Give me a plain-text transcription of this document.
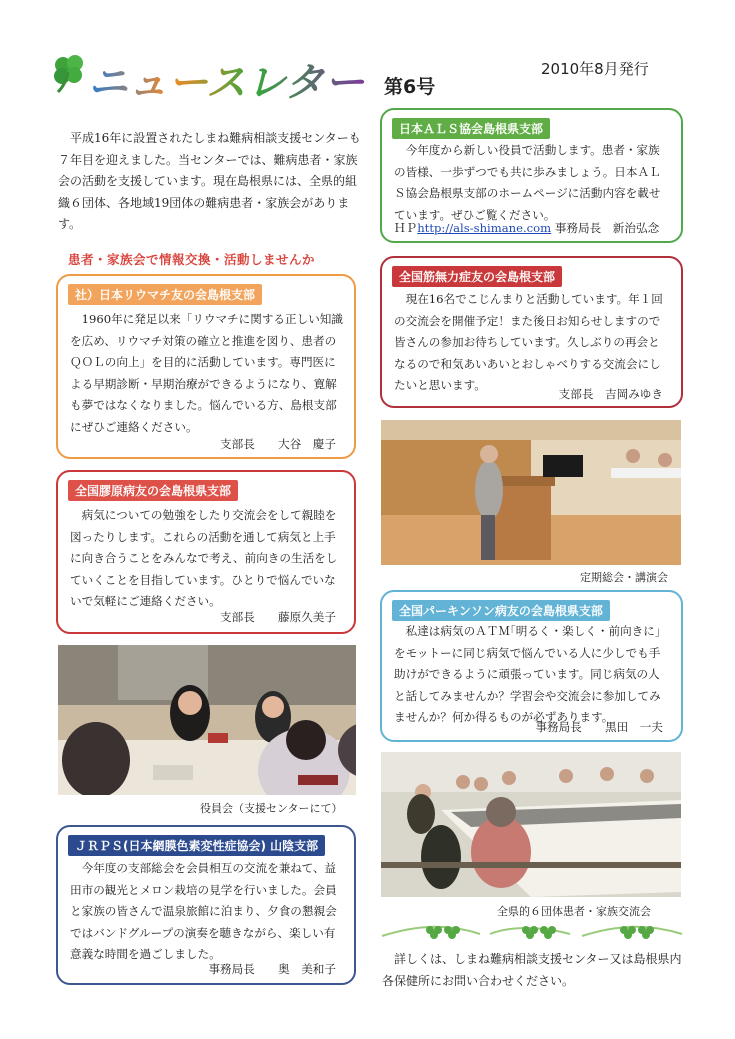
ニュースレター 第6号
2010年8月発行

平成16年に設置されたしまね難病相談支援センターも７年目を迎えました。当センターでは、難病患者・家族会の活動を支援しています。現在島根県には、全県的組織６団体、各地域19団体の難病患者・家族会があります。

患者・家族会で情報交換・活動しませんか
社）日本リウマチ友の会島根支部

1960年に発足以来「リウマチに関する正しい知識を広め、リウマチ対策の確立と推進を図り、患者のＱＯＬの向上」を目的に活動しています。専門医による早期診断・早期治療ができるようになり、寛解も夢ではなくなりました。悩んでいる方、島根支部にぜひご連絡ください。

支部長　　大谷　慶子
全国膠原病友の会島根県支部

病気についての勉強をしたり交流会をして親睦を図ったりします。これらの活動を通して病気と上手に向き合うことをみんなで考え、前向きの生活をしていくことを目指しています。ひとりで悩んでいないで気軽にご連絡ください。

支部長　　藤原久美子
役員会（支援センターにて）
ＪＲＰＳ(日本網膜色素変性症協会) 山陰支部

今年度の支部総会を会員相互の交流を兼ねて、益田市の観光とメロン栽培の見学を行いました。会員と家族の皆さんで温泉旅館に泊まり、夕食の懇親会ではバンドグループの演奏を聴きながら、楽しい有意義な時間を過ごしました。

事務局長　　奥　美和子
日本ＡＬＳ協会島根県支部

今年度から新しい役員で活動します。患者・家族の皆様、一歩ずつでも共に歩みましょう。日本ＡＬＳ協会島根県支部のホームページに活動内容を載せています。ぜひご覧ください。

ＨＰhttp://als-shimane.com 事務局長　新治弘念
全国筋無力症友の会島根支部

現在16名でこじんまりと活動しています。年１回の交流会を開催予定！また後日お知らせしますので皆さんの参加お待ちしています。久しぶりの再会となるので和気あいあいとおしゃべりする交流会にしたいと思います。

支部長　吉岡みゆき
定期総会・講演会
全国パーキンソン病友の会島根県支部

私達は病気のＡＴＭ｢明るく・楽しく・前向きに｣をモットーに同じ病気で悩んでいる人に少しでも手助けができるように頑張っています。同じ病気の人と話してみませんか？学習会や交流会に参加してみませんか？何か得るものが必ずあります。

事務局長　　黒田　一夫
全県的６団体患者・家族交流会

詳しくは、しまね難病相談支援センター又は島根県内各保健所にお問い合わせください。
